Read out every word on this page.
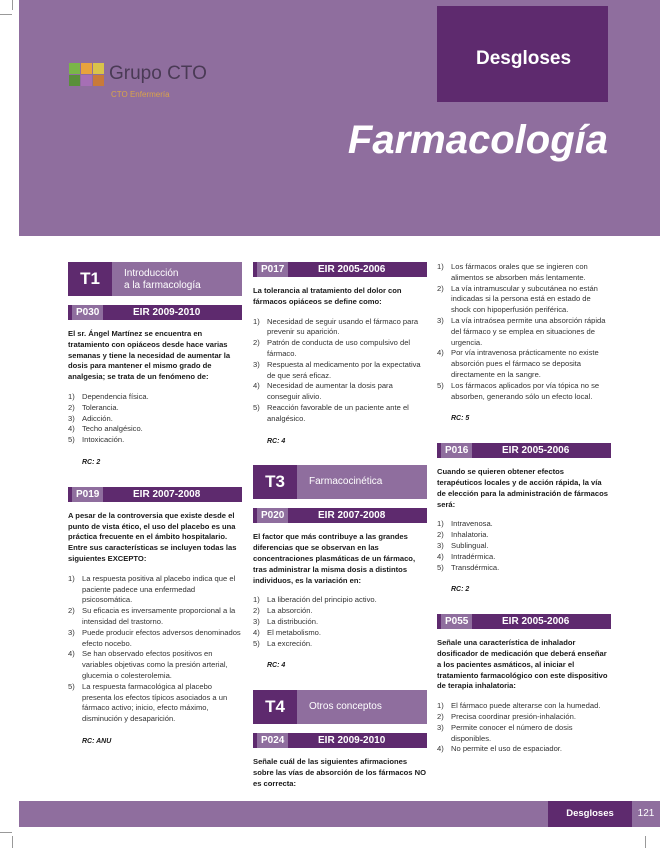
Grupo CTO
CTO Enfermería
Desgloses
Farmacología
T1	Introducción
a la farmacología
P030	EIR 2009-2010

El sr. Ángel Martínez se encuentra en tratamiento con opiáceos desde hace varias semanas y tiene la necesidad de aumentar la dosis para mantener el mismo grado de analgesia; se trata de un fenómeno de:

1) Dependencia física.
2) Tolerancia.
3) Adicción.
4) Techo analgésico.
5) Intoxicación.

RC: 2

P019	EIR 2007-2008

A pesar de la controversia que existe desde el punto de vista ético, el uso del placebo es una práctica frecuente en el ámbito hospitalario. Entre sus características se incluyen todas las siguientes EXCEPTO:

1) La respuesta positiva al placebo indica que el paciente padece una enfermedad psicosomática.
2) Su eficacia es inversamente proporcional a la intensidad del trastorno.
3) Puede producir efectos adversos denominados efecto nocebo.
4) Se han observado efectos positivos en variables objetivas como la presión arterial, glucemia o colesterolemia.
5) La respuesta farmacológica al placebo presenta los efectos típicos asociados a un fármaco activo; inicio, efecto máximo, disminución y desaparición.

RC: ANU

P017	EIR 2005-2006

La tolerancia al tratamiento del dolor con fármacos opiáceos se define como:

1) Necesidad de seguir usando el fármaco para prevenir su aparición.
2) Patrón de conducta de uso compulsivo del fármaco.
3) Respuesta al medicamento por la expectativa de que será eficaz.
4) Necesidad de aumentar la dosis para conseguir alivio.
5) Reacción favorable de un paciente ante el analgésico.

RC: 4

T3	Farmacocinética
P020	EIR 2007-2008

El factor que más contribuye a las grandes diferencias que se observan en las concentraciones plasmáticas de un fármaco, tras administrar la misma dosis a distintos individuos, es la variación en:

1) La liberación del principio activo.
2) La absorción.
3) La distribución.
4) El metabolismo.
5) La excreción.

RC: 4

T4	Otros conceptos
P024	EIR 2009-2010

Señale cuál de las siguientes afirmaciones sobre las vías de absorción de los fármacos NO es correcta:

1) Los fármacos orales que se ingieren con alimentos se absorben más lentamente.
2) La vía intramuscular y subcutánea no están indicadas si la persona está en estado de shock con hipoperfusión periférica.
3) La vía intraósea permite una absorción rápida del fármaco y se emplea en situaciones de urgencia.
4) Por vía intravenosa prácticamente no existe absorción pues el fármaco se deposita directamente en la sangre.
5) Los fármacos aplicados por vía tópica no se absorben, generando sólo un efecto local.

RC: 5

P016	EIR 2005-2006

Cuando se quieren obtener efectos terapéuticos locales y de acción rápida, la vía de elección para la administración de fármacos será:

1) Intravenosa.
2) Inhalatoria.
3) Sublingual.
4) Intradérmica.
5) Transdérmica.

RC: 2

P055	EIR 2005-2006

Señale una característica de inhalador dosificador de medicación que deberá enseñar a los pacientes asmáticos, al iniciar el tratamiento farmacológico con este dispositivo de terapia inhalatoria:

1) El fármaco puede alterarse con la humedad.
2) Precisa coordinar presión-inhalación.
3) Permite conocer el número de dosis disponibles.
4) No permite el uso de espaciador.
Desgloses	121
